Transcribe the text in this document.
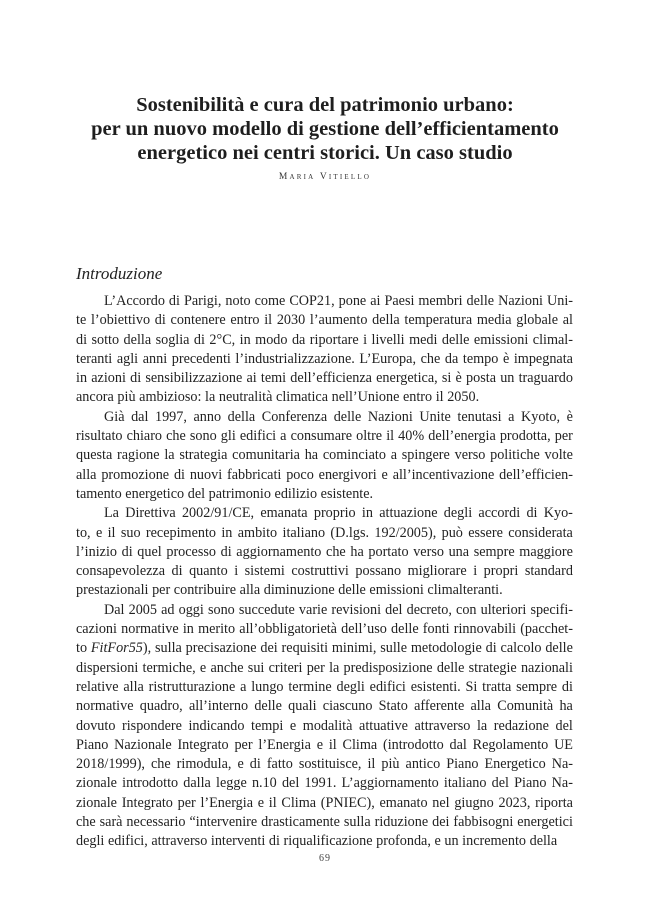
Sostenibilità e cura del patrimonio urbano:
per un nuovo modello di gestione dell’efficientamento
energetico nei centri storici. Un caso studio
Maria Vitiello
Introduzione
L’Accordo di Parigi, noto come COP21, pone ai Paesi membri delle Nazioni Uni-
te l’obiettivo di contenere entro il 2030 l’aumento della temperatura media globale al
di sotto della soglia di 2°C, in modo da riportare i livelli medi delle emissioni climal-
teranti agli anni precedenti l’industrializzazione. L’Europa, che da tempo è impegnata
in azioni di sensibilizzazione ai temi dell’efficienza energetica, si è posta un traguardo
ancora più ambizioso: la neutralità climatica nell’Unione entro il 2050.
Già dal 1997, anno della Conferenza delle Nazioni Unite tenutasi a Kyoto, è
risultato chiaro che sono gli edifici a consumare oltre il 40% dell’energia prodotta, per
questa ragione la strategia comunitaria ha cominciato a spingere verso politiche volte
alla promozione di nuovi fabbricati poco energivori e all’incentivazione dell’efficien-
tamento energetico del patrimonio edilizio esistente.
La Direttiva 2002/91/CE, emanata proprio in attuazione degli accordi di Kyo-
to, e il suo recepimento in ambito italiano (D.lgs. 192/2005), può essere considerata
l’inizio di quel processo di aggiornamento che ha portato verso una sempre maggiore
consapevolezza di quanto i sistemi costruttivi possano migliorare i propri standard
prestazionali per contribuire alla diminuzione delle emissioni climalteranti.
Dal 2005 ad oggi sono succedute varie revisioni del decreto, con ulteriori specifi-
cazioni normative in merito all’obbligatorietà dell’uso delle fonti rinnovabili (pacchet-
to FitFor55), sulla precisazione dei requisiti minimi, sulle metodologie di calcolo delle
dispersioni termiche, e anche sui criteri per la predisposizione delle strategie nazionali
relative alla ristrutturazione a lungo termine degli edifici esistenti. Si tratta sempre di
normative quadro, all’interno delle quali ciascuno Stato afferente alla Comunità ha
dovuto rispondere indicando tempi e modalità attuative attraverso la redazione del
Piano Nazionale Integrato per l’Energia e il Clima (introdotto dal Regolamento UE
2018/1999), che rimodula, e di fatto sostituisce, il più antico Piano Energetico Na-
zionale introdotto dalla legge n.10 del 1991. L’aggiornamento italiano del Piano Na-
zionale Integrato per l’Energia e il Clima (PNIEC), emanato nel giugno 2023, riporta
che sarà necessario “intervenire drasticamente sulla riduzione dei fabbisogni energetici
degli edifici, attraverso interventi di riqualificazione profonda, e un incremento della
69
